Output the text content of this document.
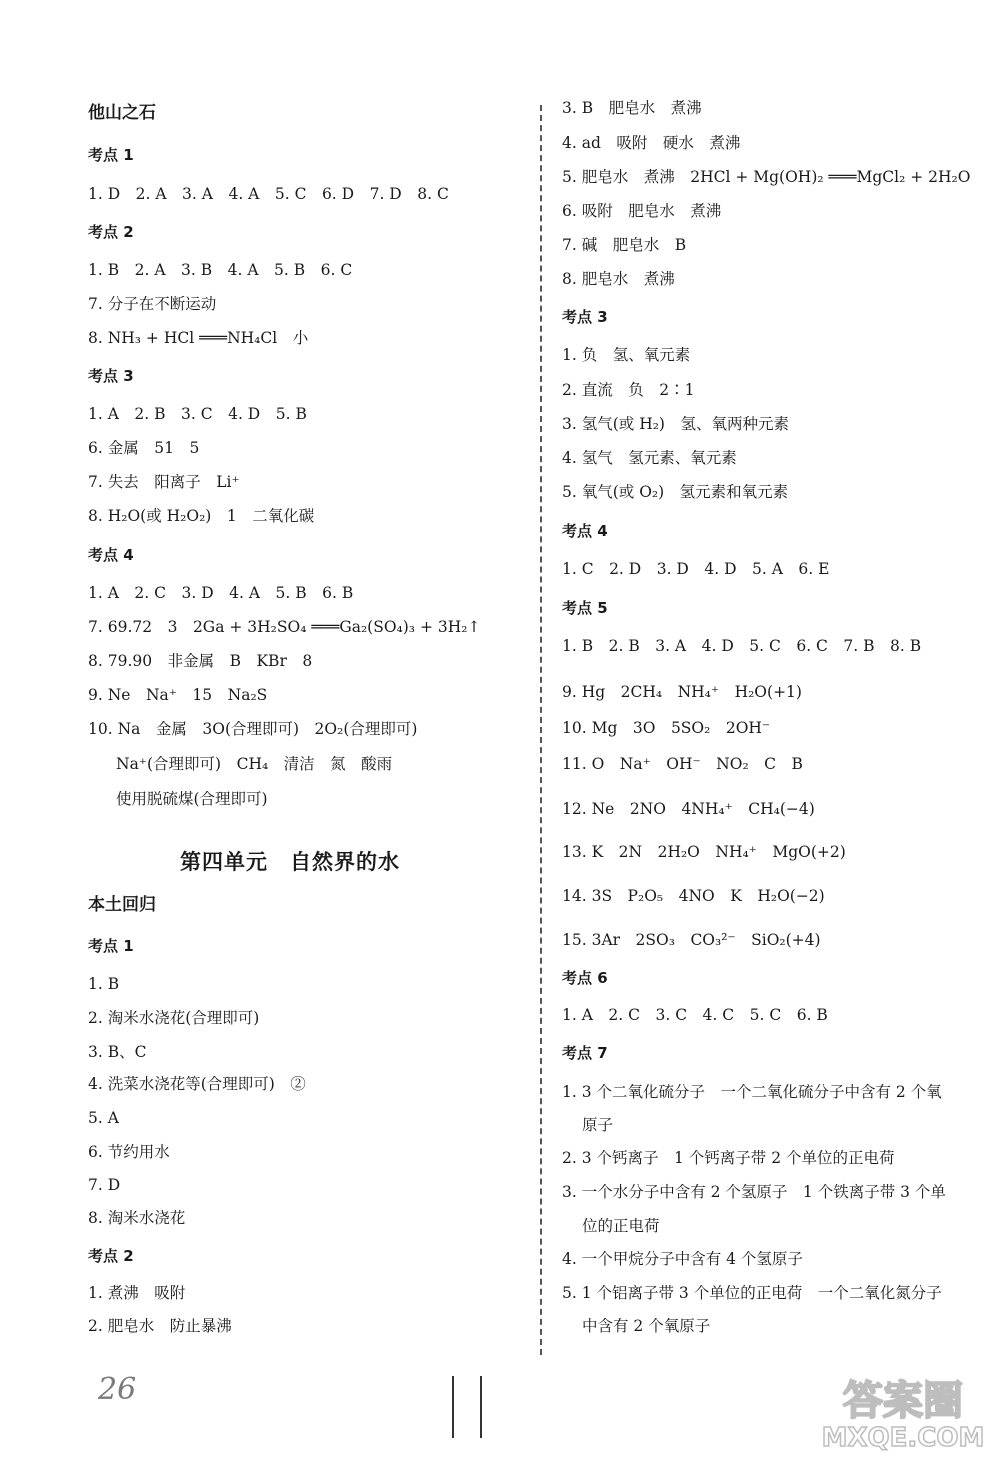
他山之石
考点 1
1. D　2. A　3. A　4. A　5. C　6. D　7. D　8. C
考点 2
1. B　2. A　3. B　4. A　5. B　6. C
7. 分子在不断运动
8. NH₃ + HCl ═══NH₄Cl　小
考点 3
1. A　2. B　3. C　4. D　5. B
6. 金属　51　5
7. 失去　阳离子　Li⁺
8. H₂O(或 H₂O₂)　1　二氧化碳
考点 4
1. A　2. C　3. D　4. A　5. B　6. B
7. 69.72　3　2Ga + 3H₂SO₄ ═══Ga₂(SO₄)₃ + 3H₂↑
8. 79.90　非金属　B　KBr　8
9. Ne　Na⁺　15　Na₂S
10. Na　金属　3O(合理即可)　2O₂(合理即可)
Na⁺(合理即可)　CH₄　清洁　氮　酸雨
使用脱硫煤(合理即可)
本土回归
考点 1
1. B
2. 淘米水浇花(合理即可)
3. B、C
4. 洗菜水浇花等(合理即可)　②
5. A
6. 节约用水
7. D
8. 淘米水浇花
考点 2
1. 煮沸　吸附
2. 肥皂水　防止暴沸
3. B　肥皂水　煮沸
4. ad　吸附　硬水　煮沸
5. 肥皂水　煮沸　2HCl + Mg(OH)₂ ═══MgCl₂ + 2H₂O
6. 吸附　肥皂水　煮沸
7. 碱　肥皂水　B
8. 肥皂水　煮沸
考点 3
1. 负　氢、氧元素
2. 直流　负　2∶1
3. 氢气(或 H₂)　氢、氧两种元素
4. 氢气　氢元素、氧元素
5. 氧气(或 O₂)　氢元素和氧元素
考点 4
1. C　2. D　3. D　4. D　5. A　6. E
考点 5
1. B　2. B　3. A　4. D　5. C　6. C　7. B　8. B
9. Hg　2CH₄　NH₄⁺　H₂O(+1)
10. Mg　3O　5SO₂　2OH⁻
11. O　Na⁺　OH⁻　NO₂　C　B
12. Ne　2NO　4NH₄⁺　CH₄(−4)
13. K　2N　2H₂O　NH₄⁺　MgO(+2)
14. 3S　P₂O₅　4NO　K　H₂O(−2)
15. 3Ar　2SO₃　CO₃²⁻　SiO₂(+4)
考点 6
1. A　2. C　3. C　4. C　5. C　6. B
考点 7
1. 3 个二氧化硫分子　一个二氧化硫分子中含有 2 个氧
原子
2. 3 个钙离子　1 个钙离子带 2 个单位的正电荷
3. 一个水分子中含有 2 个氢原子　1 个铁离子带 3 个单
位的正电荷
4. 一个甲烷分子中含有 4 个氢原子
5. 1 个铝离子带 3 个单位的正电荷　一个二氧化氮分子
中含有 2 个氧原子
第四单元　自然界的水
26	答案圈
MXQE.COM
